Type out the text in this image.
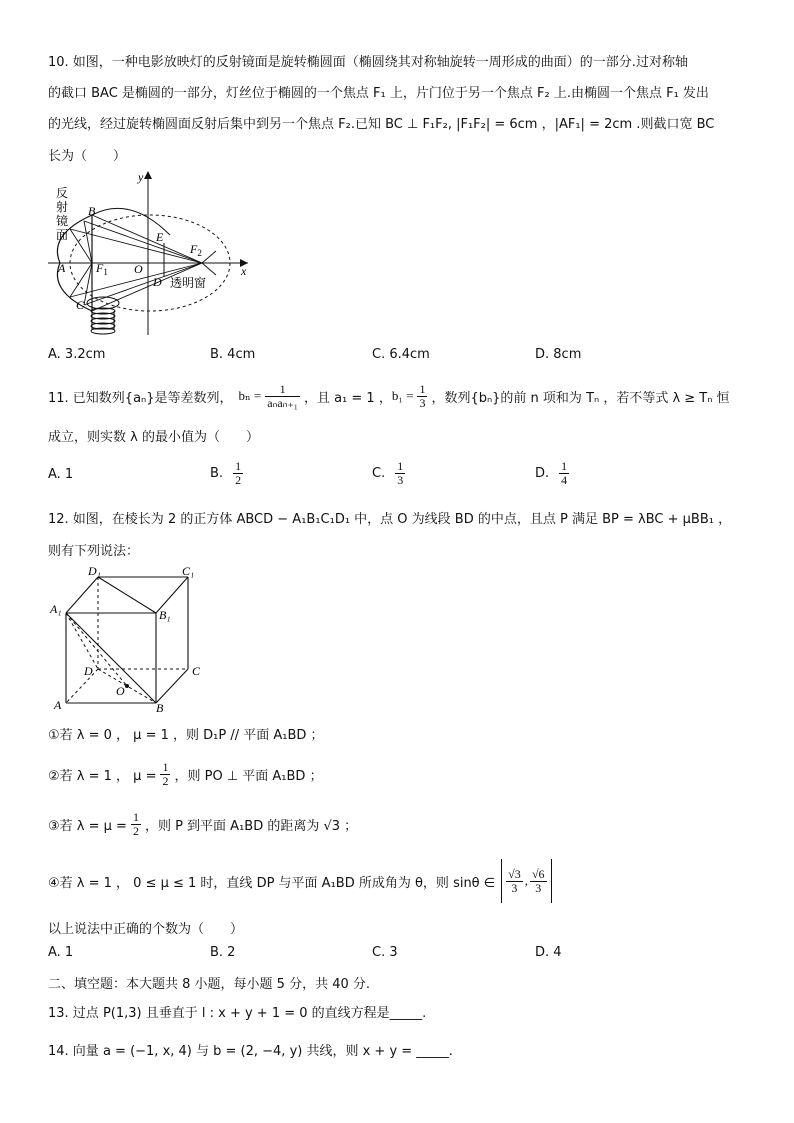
10. 如图，一种电影放映灯的反射镜面是旋转椭圆面（椭圆绕其对称轴旋转一周形成的曲面）的一部分.过对称轴
的截口 BAC 是椭圆的一部分，灯丝位于椭圆的一个焦点 F₁ 上，片门位于另一个焦点 F₂ 上.由椭圆一个焦点 F₁ 发出
的光线，经过旋转椭圆面反射后集中到另一个焦点 F₂.已知 BC ⊥ F₁F₂, |F₁F₂| = 6cm ，|AF₁| = 2cm .则截口宽 BC
长为（　　）
反
射
镜
面
B
A
C
$F_1$ O
E
D
$F_2$
x
y
透明窗
A. 3.2cm	B. 4cm	C. 6.4cm	D. 8cm
11. 已知数列{aₙ}是等差数列， $b_n = \frac{1}{\text{aₙaₙ₊₁}}$ ，且 a₁ = 1 ， $b_1 = \frac{1}{3}$ ，数列{bₙ}的前 n 项和为 Tₙ ，若不等式 λ ≥ Tₙ 恒
成立，则实数 λ 的最小值为（　　）
A. 1	B. $\frac{1}{2}$	C. $\frac{1}{3}$	D. $\frac{1}{4}$
12. 如图，在棱长为 2 的正方体 ABCD − A₁B₁C₁D₁ 中，点 O 为线段 BD 的中点，且点 P 满足 BP = λBC + μBB₁ ，
则有下列说法：
D₁	C₁
A₁	B₁
D	C
A	B
O
①若 λ = 0 ， μ = 1 ，则 D₁P // 平面 A₁BD ；
②若 λ = 1 ， $\mu = \frac{1}{2}$ ，则 PO ⊥ 平面 A₁BD ；
③若 $\lambda = \mu = \frac{1}{2}$ ，则 P 到平面 A₁BD 的距离为 √3 ；
④若 λ = 1 ， 0 ≤ μ ≤ 1 时，直线 DP 与平面 A₁BD 所成角为 θ，则 sinθ ∈ $\frac{√3}{3}$ , $\frac{√6}{3}$
以上说法中正确的个数为（　　）
A. 1	B. 2	C. 3	D. 4
二、填空题：本大题共 8 小题，每小题 5 分，共 40 分.
13. 过点 P(1,3) 且垂直于 l : x + y + 1 = 0 的直线方程是_____.
14. 向量 a = (−1, x, 4) 与 b = (2, −4, y) 共线，则 x + y = _____.
